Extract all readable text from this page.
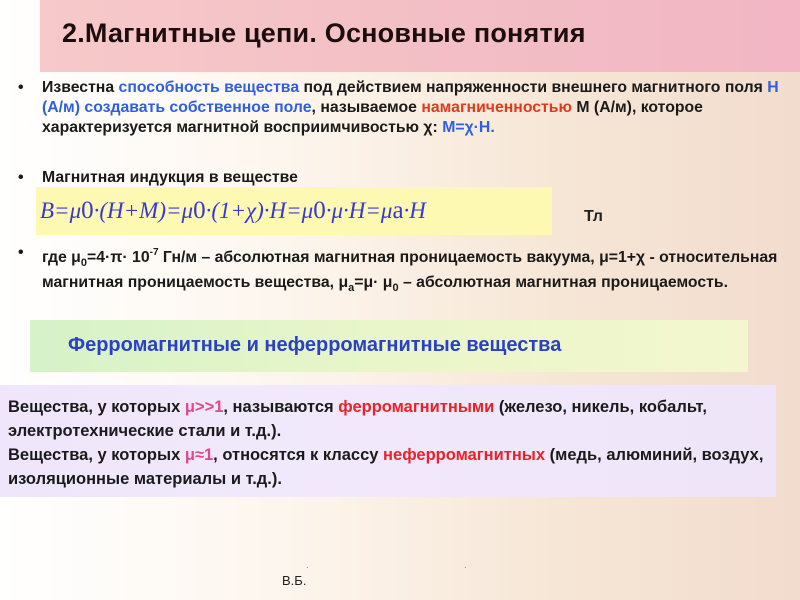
2.Магнитные цепи. Основные понятия
• Известна способность вещества под действием напряженности внешнего магнитного поля Н (А/м) создавать собственное поле, называемое намагниченностью М (А/м), которое характеризуется магнитной восприимчивостью χ: M=χ·H.
• Магнитная индукция в веществе
• где $\mu_0=4\cdot\pi\cdot 10^{-7}$ Гн/м – абсолютная магнитная проницаемость вакуума, μ=1+χ - относительная магнитная проницаемость вещества, $\mu_a=\mu\cdot \mu_0$ – абсолютная магнитная проницаемость.
B=μ 0 ·(H+M)=μ 0 ·(1+χ)·H=μ 0 ·μ·H=μ a ·H	Тл
Ферромагнитные и неферромагнитные вещества
Вещества, у которых μ>>1, называются ферромагнитными (железо, никель, кобальт, электротехнические стали и т.д.).
Вещества, у которых μ≈1, относятся к классу неферромагнитных (медь, алюминий, воздух, изоляционные материалы и т.д.).
.	.
В.Б.
